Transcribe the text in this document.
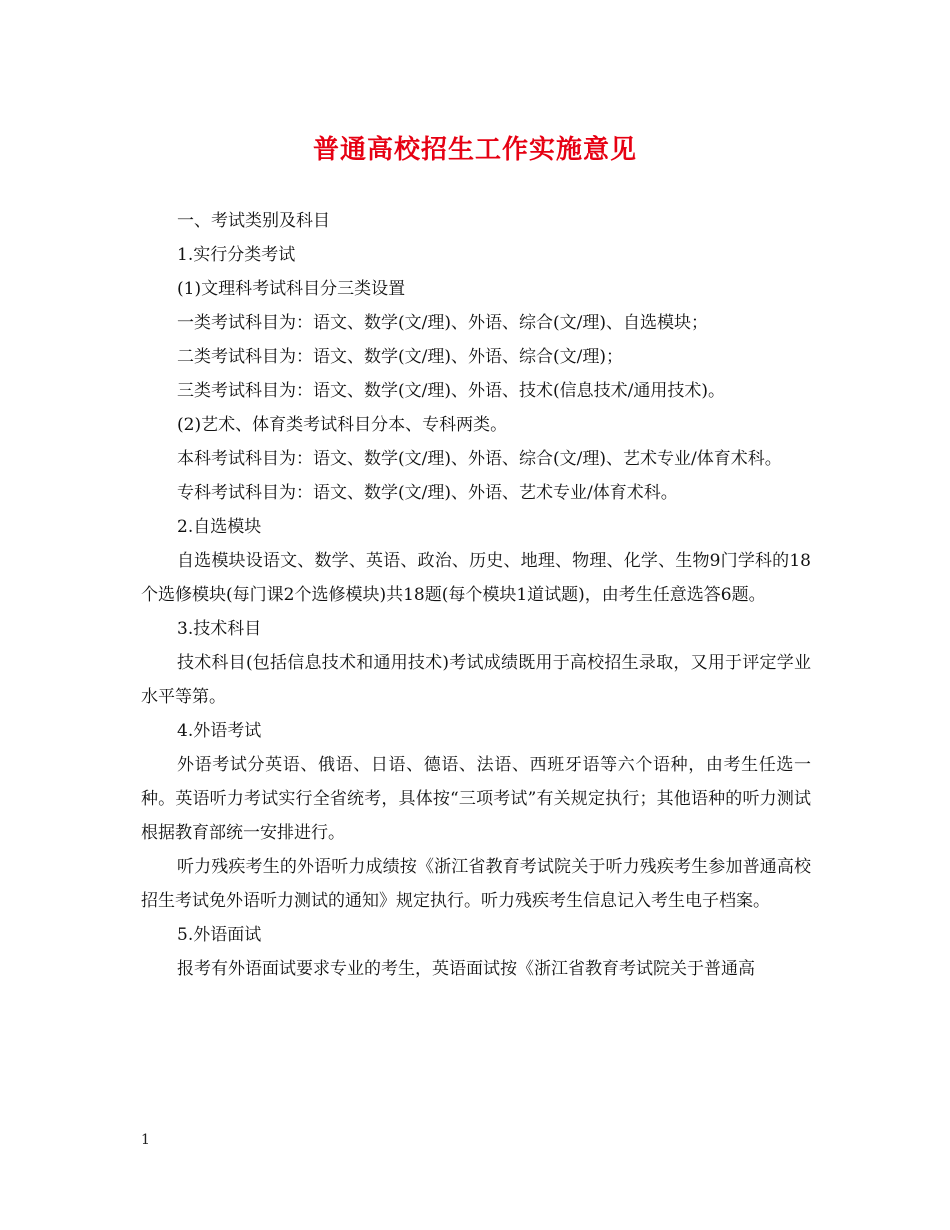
普通高校招生工作实施意见

一、考试类别及科目

1.实行分类考试

(1)文理科考试科目分三类设置

一类考试科目为：语文、数学(文/理)、外语、综合(文/理)、自选模块；

二类考试科目为：语文、数学(文/理)、外语、综合(文/理)；

三类考试科目为：语文、数学(文/理)、外语、技术(信息技术/通用技术)。

(2)艺术、体育类考试科目分本、专科两类。

本科考试科目为：语文、数学(文/理)、外语、综合(文/理)、艺术专业/体育术科。

专科考试科目为：语文、数学(文/理)、外语、艺术专业/体育术科。

2.自选模块

自选模块设语文、数学、英语、政治、历史、地理、物理、化学、生物9门学科的18个选修模块(每门课2个选修模块)共18题(每个模块1道试题)，由考生任意选答6题。

3.技术科目

技术科目(包括信息技术和通用技术)考试成绩既用于高校招生录取，又用于评定学业水平等第。

4.外语考试

外语考试分英语、俄语、日语、德语、法语、西班牙语等六个语种，由考生任选一种。英语听力考试实行全省统考，具体按“三项考试”有关规定执行；其他语种的听力测试根据教育部统一安排进行。

听力残疾考生的外语听力成绩按《浙江省教育考试院关于听力残疾考生参加普通高校招生考试免外语听力测试的通知》规定执行。听力残疾考生信息记入考生电子档案。

5.外语面试

报考有外语面试要求专业的考生，英语面试按《浙江省教育考试院关于普通高

1
